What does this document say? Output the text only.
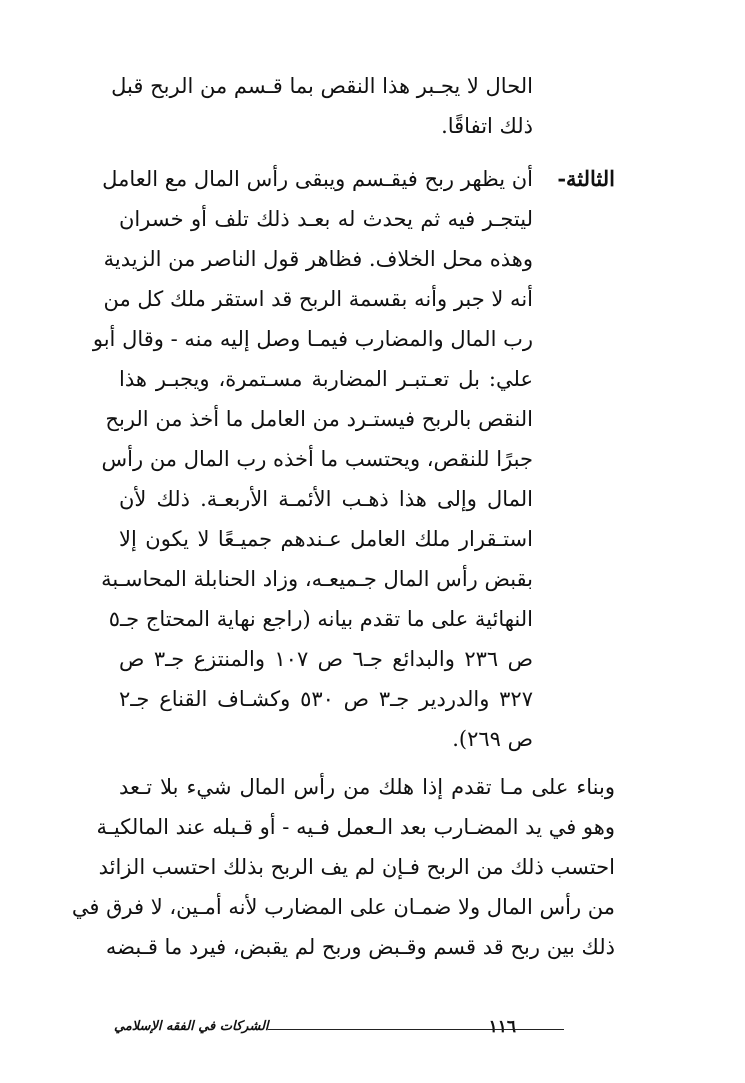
الحال لا يجـبر هذا النقص بما قـسم من الربح قبل
ذلك اتفاقًا.
الثالثة-
أن يظهر ربح فيقـسم ويبقى رأس المال مع العامل
ليتجـر فيه ثم يحدث له بعـد ذلك تلف أو خسران
وهذه محل الخلاف. فظاهر قول الناصر من الزيدية
أنه لا جبر وأنه بقسمة الربح قد استقر ملك كل من
رب المال والمضارب فيمـا وصل إليه منه - وقال أبو
علي: بل تعـتبـر المضاربة مسـتمرة، ويجبـر هذا
النقص بالربح فيستـرد من العامل ما أخذ من الربح
جبرًا للنقص، ويحتسب ما أخذه رب المال من رأس
المال وإلى هذا ذهـب الأئمـة الأربعـة. ذلك لأن
استـقرار ملك العامل عـندهم جميـعًا لا يكون إلا
بقبض رأس المال جـميعـه، وزاد الحنابلة المحاسـبة
النهائية على ما تقدم بيانه (راجع نهاية المحتاج جـ٥
ص ٢٣٦ والبدائع جـ٦ ص ١٠٧ والمنتزع جـ٣ ص
٣٢٧ والدردير جـ٣ ص ٥٣٠ وكشـاف القناع جـ٢
ص ٢٦٩).
وبناء على مـا تقدم إذا هلك من رأس المال شيء بلا تـعد
وهو في يد المضـارب بعد الـعمل فـيه - أو قـبله عند المالكيـة
احتسب ذلك من الربح فـإن لم يف الربح بذلك احتسب الزائد
من رأس المال ولا ضمـان على المضارب لأنه أمـين، لا فرق في
ذلك بين ربح قد قسم وقـبض وربح لم يقبض، فيرد ما قـبضه
١١٦
الشركات في الفقه الإسلامي
